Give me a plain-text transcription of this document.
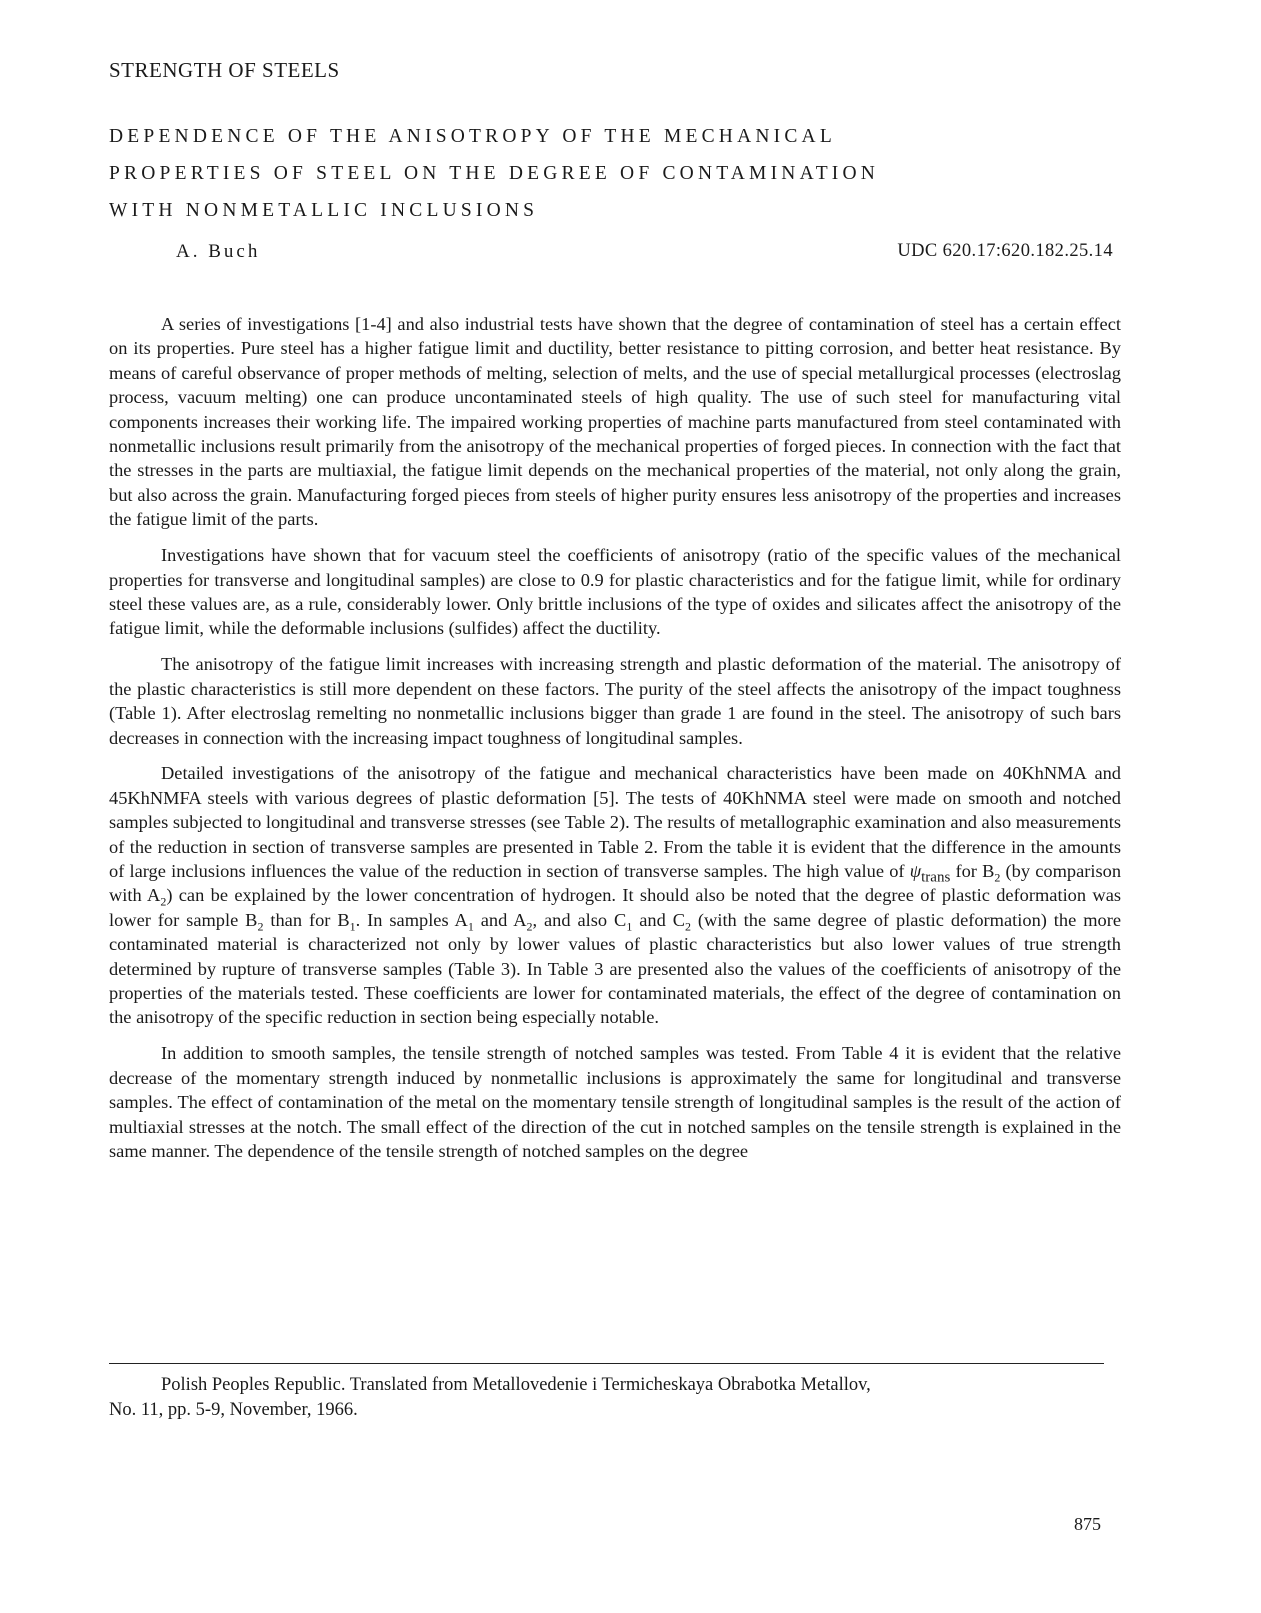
STRENGTH OF STEELS
DEPENDENCE OF THE ANISOTROPY OF THE MECHANICAL
PROPERTIES OF STEEL ON THE DEGREE OF CONTAMINATION
WITH NONMETALLIC INCLUSIONS
A. Buch	UDC 620.17:620.182.25.14

A series of investigations [1-4] and also industrial tests have shown that the degree of contamination of steel has a certain effect on its properties. Pure steel has a higher fatigue limit and ductility, better resistance to pitting corrosion, and better heat resistance. By means of careful observance of proper methods of melting, selection of melts, and the use of special metallurgical processes (electroslag process, vacuum melting) one can produce uncontaminated steels of high quality. The use of such steel for manufacturing vital components increases their working life. The impaired working properties of machine parts manufactured from steel contaminated with nonmetallic inclusions result primarily from the anisotropy of the mechanical properties of forged pieces. In connection with the fact that the stresses in the parts are multiaxial, the fatigue limit depends on the mechanical properties of the material, not only along the grain, but also across the grain. Manufacturing forged pieces from steels of higher purity ensures less anisotropy of the properties and increases the fatigue limit of the parts.

Investigations have shown that for vacuum steel the coefficients of anisotropy (ratio of the specific values of the mechanical properties for transverse and longitudinal samples) are close to 0.9 for plastic characteristics and for the fatigue limit, while for ordinary steel these values are, as a rule, considerably lower. Only brittle inclusions of the type of oxides and silicates affect the anisotropy of the fatigue limit, while the deformable inclusions (sulfides) affect the ductility.

The anisotropy of the fatigue limit increases with increasing strength and plastic deformation of the material. The anisotropy of the plastic characteristics is still more dependent on these factors. The purity of the steel affects the anisotropy of the impact toughness (Table 1). After electroslag remelting no nonmetallic inclusions bigger than grade 1 are found in the steel. The anisotropy of such bars decreases in connection with the increasing impact toughness of longitudinal samples.

Detailed investigations of the anisotropy of the fatigue and mechanical characteristics have been made on 40KhNMA and 45KhNMFA steels with various degrees of plastic deformation [5]. The tests of 40KhNMA steel were made on smooth and notched samples subjected to longitudinal and transverse stresses (see Table 2). The results of metallographic examination and also measurements of the reduction in section of transverse samples are presented in Table 2. From the table it is evident that the difference in the amounts of large inclusions influences the value of the reduction in section of transverse samples. The high value of $\psi_{trans}$ for $B_2$ (by comparison with $A_2$) can be explained by the lower concentration of hydrogen. It should also be noted that the degree of plastic deformation was lower for sample $B_2$ than for $B_1$. In samples $A_1$ and $A_2$, and also $C_1$ and $C_2$ (with the same degree of plastic deformation) the more contaminated material is characterized not only by lower values of plastic characteristics but also lower values of true strength determined by rupture of transverse samples (Table 3). In Table 3 are presented also the values of the coefficients of anisotropy of the properties of the materials tested. These coefficients are lower for contaminated materials, the effect of the degree of contamination on the anisotropy of the specific reduction in section being especially notable.

In addition to smooth samples, the tensile strength of notched samples was tested. From Table 4 it is evident that the relative decrease of the momentary strength induced by nonmetallic inclusions is approximately the same for longitudinal and transverse samples. The effect of contamination of the metal on the momentary tensile strength of longitudinal samples is the result of the action of multiaxial stresses at the notch. The small effect of the direction of the cut in notched samples on the tensile strength is explained in the same manner. The dependence of the tensile strength of notched samples on the degree

Polish Peoples Republic. Translated from Metallovedenie i Termicheskaya Obrabotka Metallov,
No. 11, pp. 5-9, November, 1966.
875
